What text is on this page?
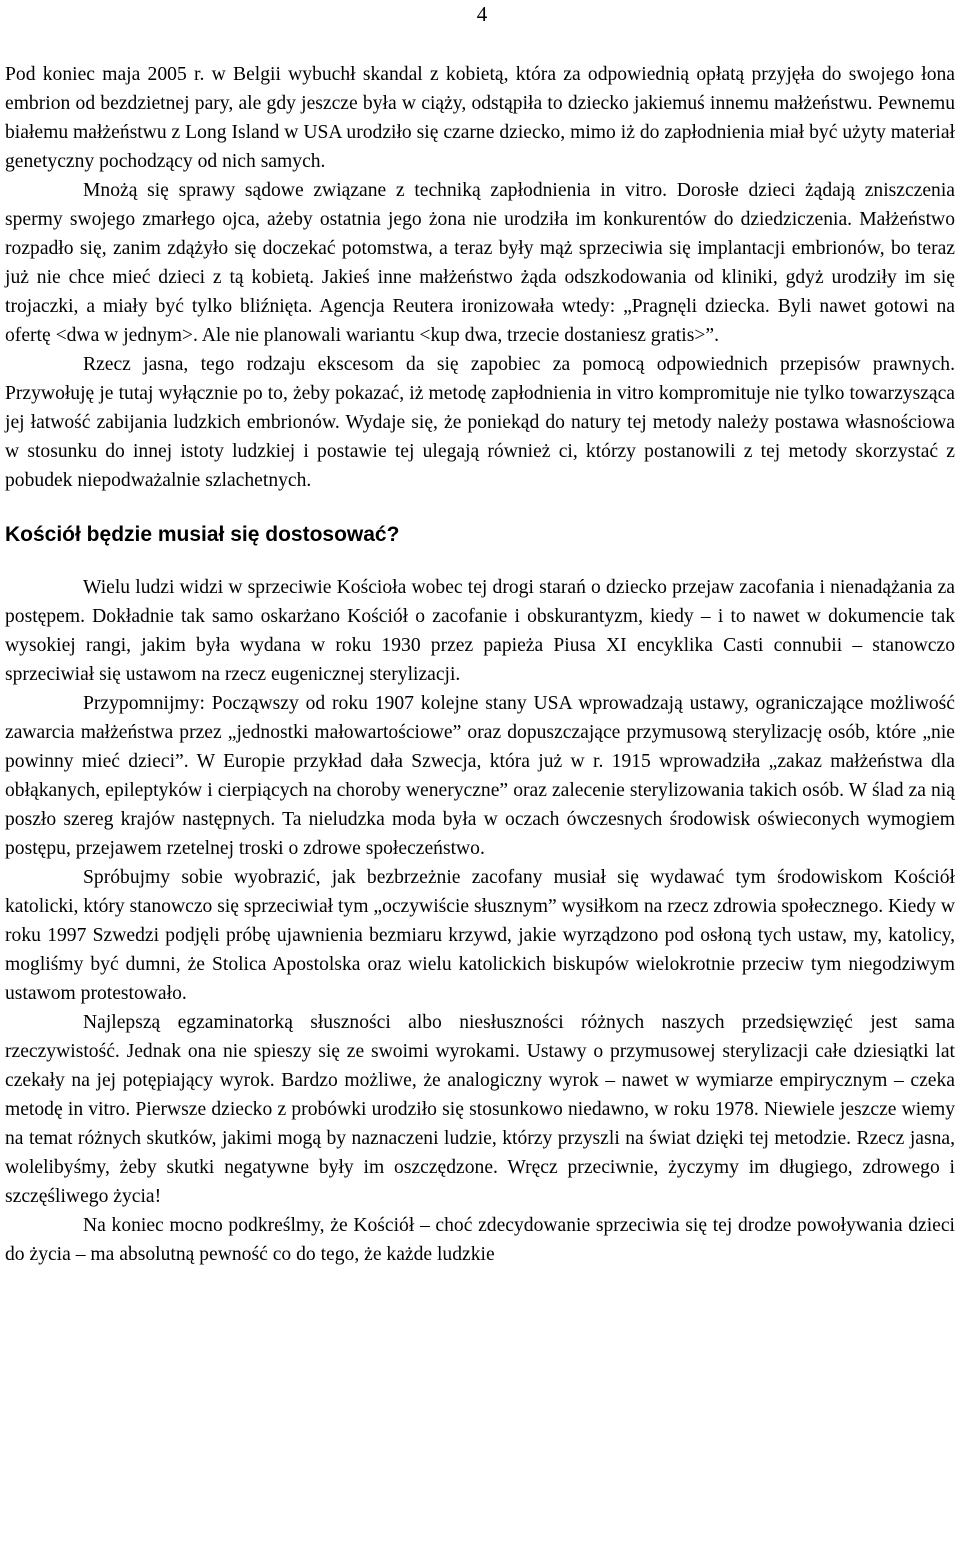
4

Pod koniec maja 2005 r. w Belgii wybuchł skandal z kobietą, która za odpowiednią opłatą przyjęła do swojego łona embrion od bezdzietnej pary, ale gdy jeszcze była w ciąży, odstąpiła to dziecko jakiemuś innemu małżeństwu. Pewnemu białemu małżeństwu z Long Island w USA urodziło się czarne dziecko, mimo iż do zapłodnienia miał być użyty materiał genetyczny pochodzący od nich samych.

Mnożą się sprawy sądowe związane z techniką zapłodnienia in vitro. Dorosłe dzieci żądają zniszczenia spermy swojego zmarłego ojca, ażeby ostatnia jego żona nie urodziła im konkurentów do dziedziczenia. Małżeństwo rozpadło się, zanim zdążyło się doczekać potomstwa, a teraz były mąż sprzeciwia się implantacji embrionów, bo teraz już nie chce mieć dzieci z tą kobietą. Jakieś inne małżeństwo żąda odszkodowania od kliniki, gdyż urodziły im się trojaczki, a miały być tylko bliźnięta. Agencja Reutera ironizowała wtedy: „Pragnęli dziecka. Byli nawet gotowi na ofertę <dwa w jednym>. Ale nie planowali wariantu <kup dwa, trzecie dostaniesz gratis>”.

Rzecz jasna, tego rodzaju ekscesom da się zapobiec za pomocą odpowiednich przepisów prawnych. Przywołuję je tutaj wyłącznie po to, żeby pokazać, iż metodę zapłodnienia in vitro kompromituje nie tylko towarzysząca jej łatwość zabijania ludzkich embrionów. Wydaje się, że poniekąd do natury tej metody należy postawa własnościowa w stosunku do innej istoty ludzkiej i postawie tej ulegają również ci, którzy postanowili z tej metody skorzystać z pobudek niepodważalnie szlachetnych.

Kościół będzie musiał się dostosować?

Wielu ludzi widzi w sprzeciwie Kościoła wobec tej drogi starań o dziecko przejaw zacofania i nienadążania za postępem. Dokładnie tak samo oskarżano Kościół o zacofanie i obskurantyzm, kiedy – i to nawet w dokumencie tak wysokiej rangi, jakim była wydana w roku 1930 przez papieża Piusa XI encyklika Casti connubii – stanowczo sprzeciwiał się ustawom na rzecz eugenicznej sterylizacji.

Przypomnijmy: Począwszy od roku 1907 kolejne stany USA wprowadzają ustawy, ograniczające możliwość zawarcia małżeństwa przez „jednostki małowartościowe” oraz dopuszczające przymusową sterylizację osób, które „nie powinny mieć dzieci”. W Europie przykład dała Szwecja, która już w r. 1915 wprowadziła „zakaz małżeństwa dla obłąkanych, epileptyków i cierpiących na choroby weneryczne” oraz zalecenie sterylizowania takich osób. W ślad za nią poszło szereg krajów następnych. Ta nieludzka moda była w oczach ówczesnych środowisk oświeconych wymogiem postępu, przejawem rzetelnej troski o zdrowe społeczeństwo.

Spróbujmy sobie wyobrazić, jak bezbrzeżnie zacofany musiał się wydawać tym środowiskom Kościół katolicki, który stanowczo się sprzeciwiał tym „oczywiście słusznym” wysiłkom na rzecz zdrowia społecznego. Kiedy w roku 1997 Szwedzi podjęli próbę ujawnienia bezmiaru krzywd, jakie wyrządzono pod osłoną tych ustaw, my, katolicy, mogliśmy być dumni, że Stolica Apostolska oraz wielu katolickich biskupów wielokrotnie przeciw tym niegodziwym ustawom protestowało.

Najlepszą egzaminatorką słuszności albo niesłuszności różnych naszych przedsięwzięć jest sama rzeczywistość. Jednak ona nie spieszy się ze swoimi wyrokami. Ustawy o przymusowej sterylizacji całe dziesiątki lat czekały na jej potępiający wyrok. Bardzo możliwe, że analogiczny wyrok – nawet w wymiarze empirycznym – czeka metodę in vitro. Pierwsze dziecko z probówki urodziło się stosunkowo niedawno, w roku 1978. Niewiele jeszcze wiemy na temat różnych skutków, jakimi mogą by naznaczeni ludzie, którzy przyszli na świat dzięki tej metodzie. Rzecz jasna, wolelibyśmy, żeby skutki negatywne były im oszczędzone. Wręcz przeciwnie, życzymy im długiego, zdrowego i szczęśliwego życia!

Na koniec mocno podkreślmy, że Kościół – choć zdecydowanie sprzeciwia się tej drodze powoływania dzieci do życia – ma absolutną pewność co do tego, że każde ludzkie
